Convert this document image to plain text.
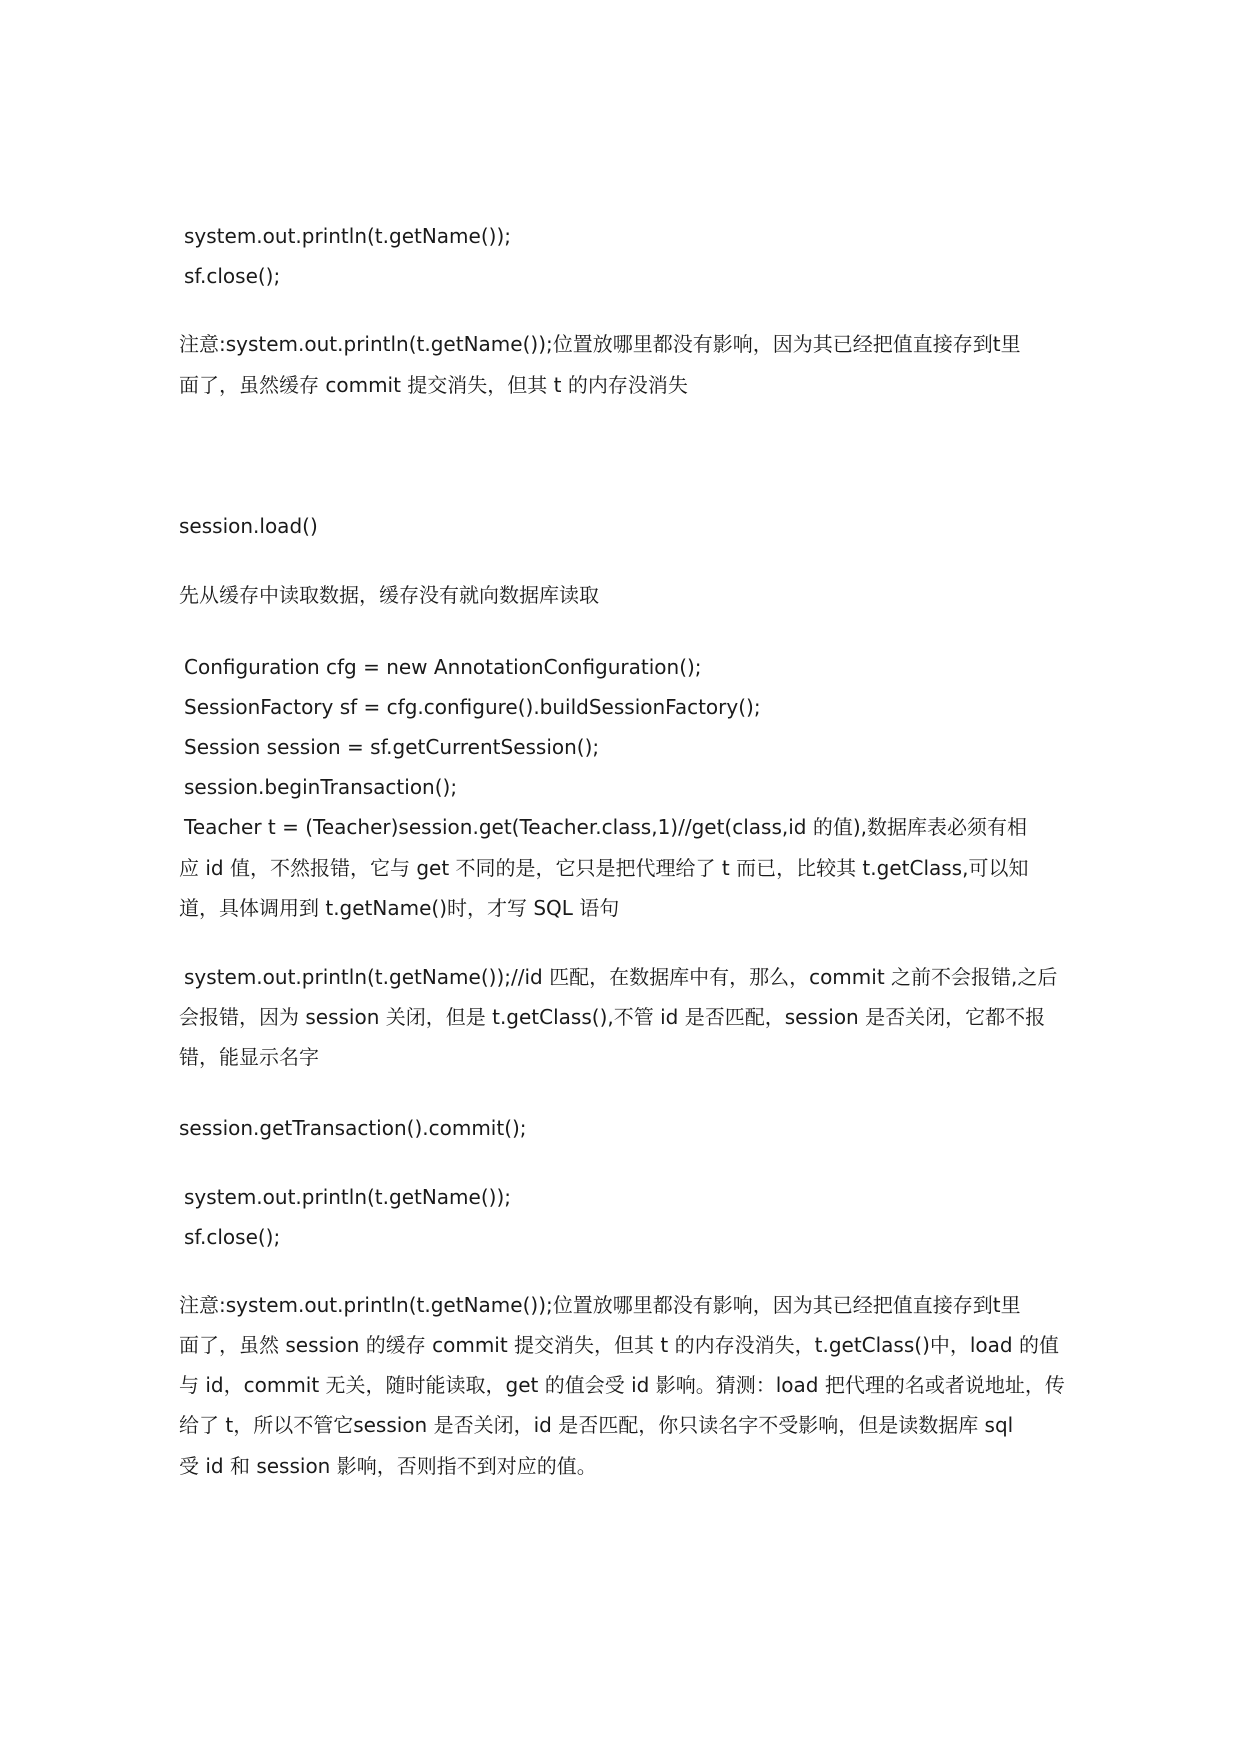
system.out.println(t.getName());
sf.close();
注意:system.out.println(t.getName());位置放哪里都没有影响，因为其已经把值直接存到t里
面了，虽然缓存 commit 提交消失，但其 t 的内存没消失
session.load()
先从缓存中读取数据，缓存没有就向数据库读取
Configuration cfg = new AnnotationConfiguration();
SessionFactory sf = cfg.configure().buildSessionFactory();
Session session = sf.getCurrentSession();
session.beginTransaction();
Teacher t = (Teacher)session.get(Teacher.class,1)//get(class,id 的值),数据库表必须有相
应 id 值，不然报错，它与 get 不同的是，它只是把代理给了 t 而已，比较其 t.getClass,可以知
道，具体调用到 t.getName()时，才写 SQL 语句
system.out.println(t.getName());//id 匹配，在数据库中有，那么，commit 之前不会报错,之后
会报错，因为 session 关闭，但是 t.getClass(),不管 id 是否匹配，session 是否关闭，它都不报
错，能显示名字
session.getTransaction().commit();
system.out.println(t.getName());
sf.close();
注意:system.out.println(t.getName());位置放哪里都没有影响，因为其已经把值直接存到t里
面了，虽然 session 的缓存 commit 提交消失，但其 t 的内存没消失，t.getClass()中，load 的值
与 id，commit 无关，随时能读取，get 的值会受 id 影响。猜测：load 把代理的名或者说地址，传
给了 t，所以不管它session 是否关闭，id 是否匹配，你只读名字不受影响，但是读数据库 sql
受 id 和 session 影响，否则指不到对应的值。
